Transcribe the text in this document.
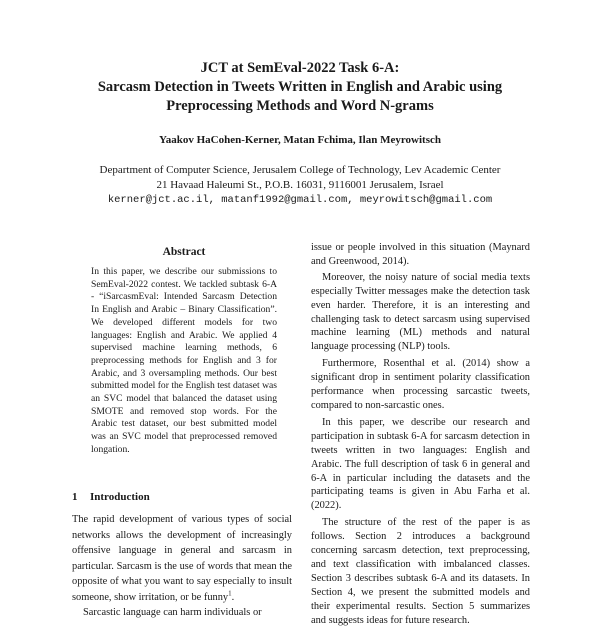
JCT at SemEval-2022 Task 6-A:
Sarcasm Detection in Tweets Written in English and Arabic using
Preprocessing Methods and Word N-grams
Yaakov HaCohen-Kerner, Matan Fchima, Ilan Meyrowitsch
Department of Computer Science, Jerusalem College of Technology, Lev Academic Center
21 Havaad Haleumi St., P.O.B. 16031, 9116001 Jerusalem, Israel
kerner@jct.ac.il, matanf1992@gmail.com, meyrowitsch@gmail.com
Abstract
In this paper, we describe our submissions to SemEval-2022 contest. We tackled subtask 6-A - “iSarcasmEval: Intended Sarcasm Detection In English and Arabic – Binary Classification”. We developed different models for two languages: English and Arabic. We applied 4 supervised machine learning methods, 6 preprocessing methods for English and 3 for Arabic, and 3 oversampling methods. Our best submitted model for the English test dataset was an SVC model that balanced the dataset using SMOTE and removed stop words. For the Arabic test dataset, our best submitted model was an SVC model that preprocessed removed longation.
1 Introduction
The rapid development of various types of social networks allows the development of increasingly offensive language in general and sarcasm in particular. Sarcasm is the use of words that mean the opposite of what you want to say especially to insult someone, show irritation, or be funny$^1$.
Sarcastic language can harm individuals or

issue or people involved in this situation (Maynard and Greenwood, 2014).

Moreover, the noisy nature of social media texts especially Twitter messages make the detection task even harder. Therefore, it is an interesting and challenging task to detect sarcasm using supervised machine learning (ML) methods and natural language processing (NLP) tools.

Furthermore, Rosenthal et al. (2014) show a significant drop in sentiment polarity classification performance when processing sarcastic tweets, compared to non-sarcastic ones.

In this paper, we describe our research and participation in subtask 6-A for sarcasm detection in tweets written in two languages: English and Arabic. The full description of task 6 in general and 6-A in particular including the datasets and the participating teams is given in Abu Farha et al. (2022).

The structure of the rest of the paper is as follows. Section 2 introduces a background concerning sarcasm detection, text preprocessing, and text classification with imbalanced classes. Section 3 describes subtask 6-A and its datasets. In Section 4, we present the submitted models and their experimental results. Section 5 summarizes and suggests ideas for future research.
